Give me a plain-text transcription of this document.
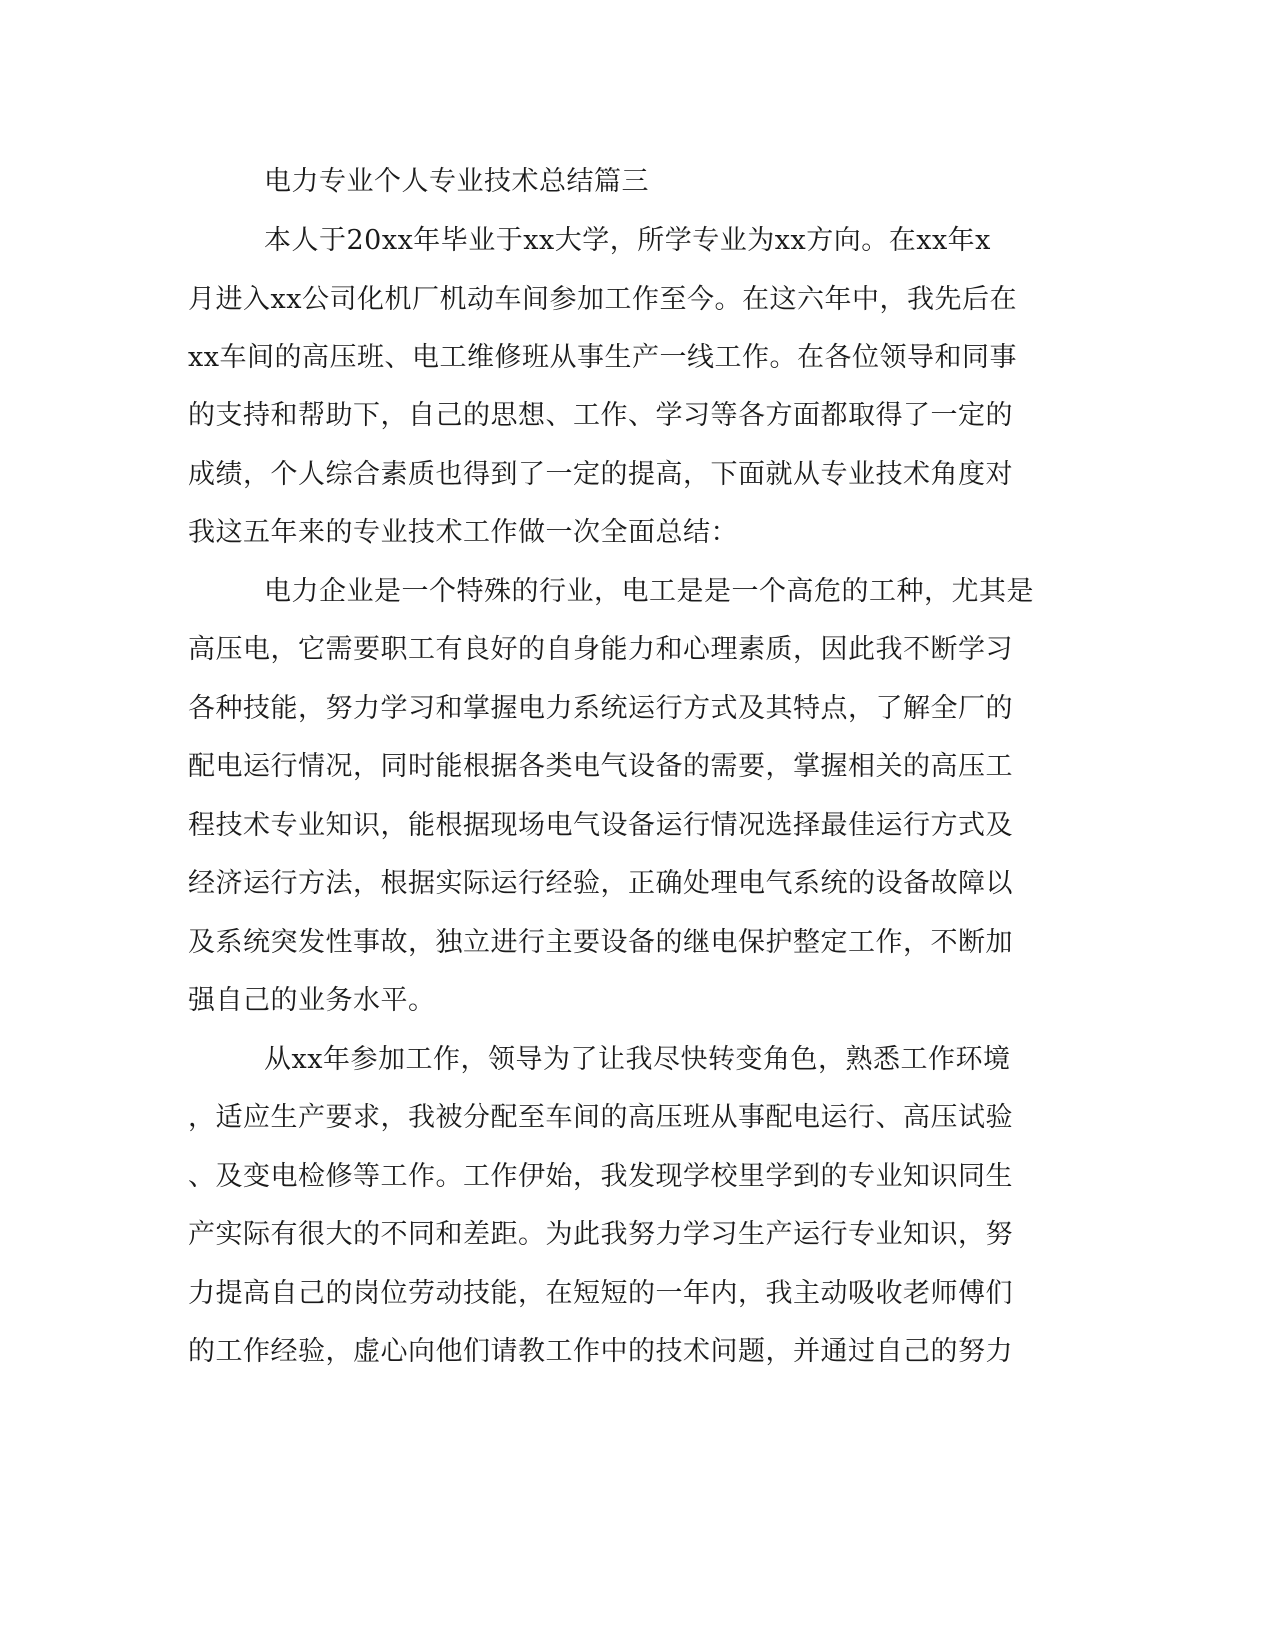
电力专业个人专业技术总结篇三
本人于20xx年毕业于xx大学，所学专业为xx方向。在xx年x
月进入xx公司化机厂机动车间参加工作至今。在这六年中，我先后在
xx车间的高压班、电工维修班从事生产一线工作。在各位领导和同事
的支持和帮助下，自己的思想、工作、学习等各方面都取得了一定的
成绩，个人综合素质也得到了一定的提高，下面就从专业技术角度对
我这五年来的专业技术工作做一次全面总结：
电力企业是一个特殊的行业，电工是是一个高危的工种，尤其是
高压电，它需要职工有良好的自身能力和心理素质，因此我不断学习
各种技能，努力学习和掌握电力系统运行方式及其特点，了解全厂的
配电运行情况，同时能根据各类电气设备的需要，掌握相关的高压工
程技术专业知识，能根据现场电气设备运行情况选择最佳运行方式及
经济运行方法，根据实际运行经验，正确处理电气系统的设备故障以
及系统突发性事故，独立进行主要设备的继电保护整定工作，不断加
强自己的业务水平。
从xx年参加工作，领导为了让我尽快转变角色，熟悉工作环境
，适应生产要求，我被分配至车间的高压班从事配电运行、高压试验
、及变电检修等工作。工作伊始，我发现学校里学到的专业知识同生
产实际有很大的不同和差距。为此我努力学习生产运行专业知识，努
力提高自己的岗位劳动技能，在短短的一年内，我主动吸收老师傅们
的工作经验，虚心向他们请教工作中的技术问题，并通过自己的努力
